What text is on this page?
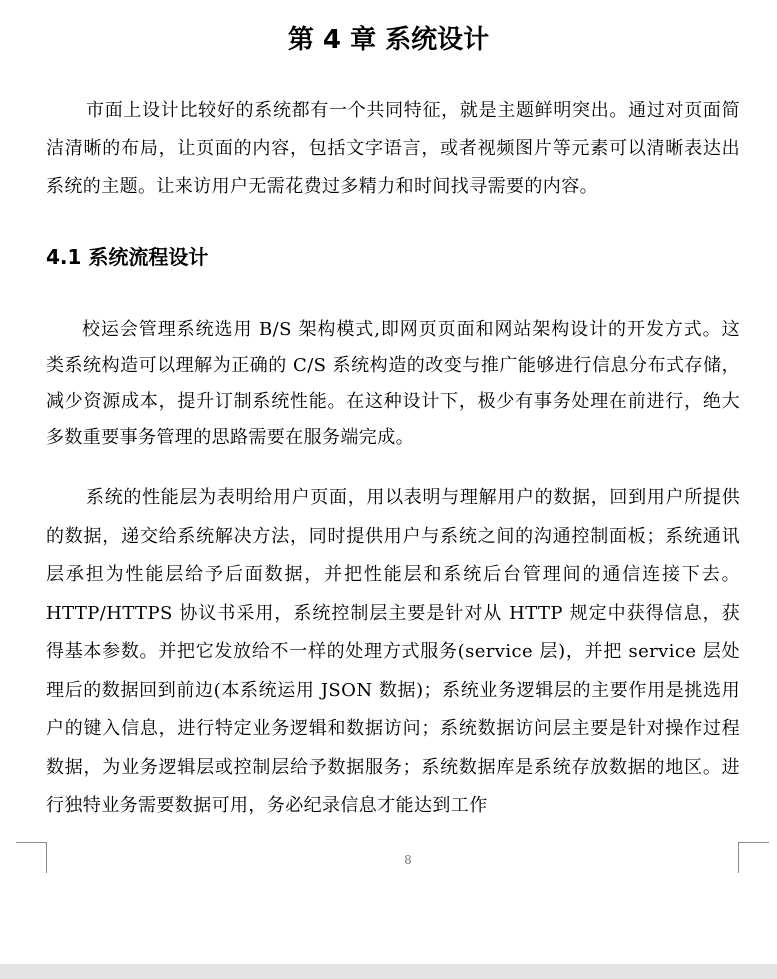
第 4 章 系统设计

市面上设计比较好的系统都有一个共同特征，就是主题鲜明突出。通过对页面简洁清晰的布局，让页面的内容，包括文字语言，或者视频图片等元素可以清晰表达出系统的主题。让来访用户无需花费过多精力和时间找寻需要的内容。

4.1 系统流程设计

校运会管理系统选用 B/S 架构模式,即网页页面和网站架构设计的开发方式。这类系统构造可以理解为正确的 C/S 系统构造的改变与推广能够进行信息分布式存储，减少资源成本，提升订制系统性能。在这种设计下，极少有事务处理在前进行，绝大多数重要事务管理的思路需要在服务端完成。

系统的性能层为表明给用户页面，用以表明与理解用户的数据，回到用户所提供的数据，递交给系统解决方法，同时提供用户与系统之间的沟通控制面板；系统通讯层承担为性能层给予后面数据，并把性能层和系统后台管理间的通信连接下去。HTTP/HTTPS 协议书采用，系统控制层主要是针对从 HTTP 规定中获得信息，获得基本参数。并把它发放给不一样的处理方式服务(service 层)，并把 service 层处理后的数据回到前边(本系统运用 JSON 数据)；系统业务逻辑层的主要作用是挑选用户的键入信息，进行特定业务逻辑和数据访问；系统数据访问层主要是针对操作过程数据，为业务逻辑层或控制层给予数据服务；系统数据库是系统存放数据的地区。进行独特业务需要数据可用，务必纪录信息才能达到工作

8
